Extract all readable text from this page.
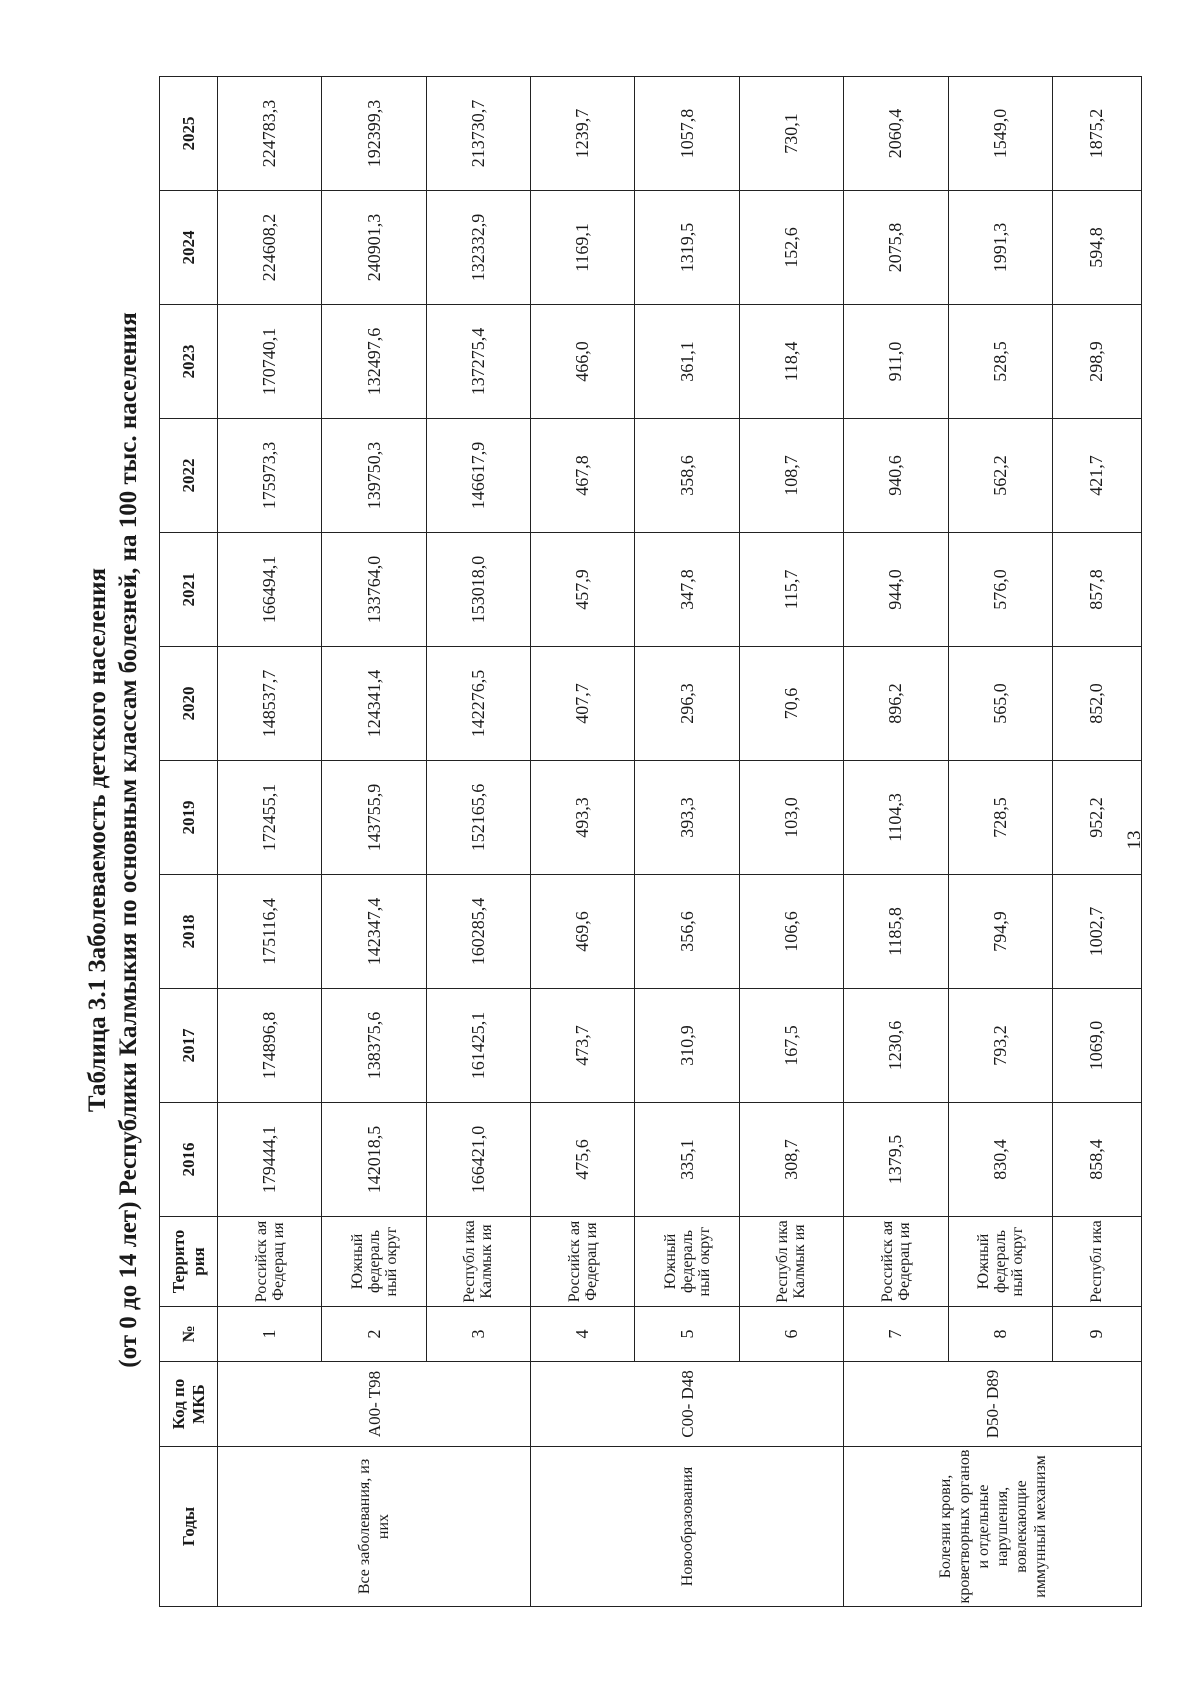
Таблица 3.1 Заболеваемость детского населения (от 0 до 14 лет) Республики Калмыкия по основным классам болезней, на 100 тыс. населения
Годы	Код по МКБ	№	Террито рия	2016	2017	2018	2019	2020	2021	2022	2023	2024	2025
Все заболевания, из них	A00- T98	1	Российск ая Федерац ия	179444,1	174896,8	175116,4	172455,1	148537,7	166494,1	175973,3	170740,1	224608,2	224783,3
		2	Южный федераль ный округ	142018,5	138375,6	142347,4	143755,9	124341,4	133764,0	139750,3	132497,6	240901,3	192399,3
		3	Республ ика Калмык ия	166421,0	161425,1	160285,4	152165,6	142276,5	153018,0	146617,9	137275,4	132332,9	213730,7
Новообразования	C00- D48	4	Российск ая Федерац ия	475,6	473,7	469,6	493,3	407,7	457,9	467,8	466,0	1169,1	1239,7
		5	Южный федераль ный округ	335,1	310,9	356,6	393,3	296,3	347,8	358,6	361,1	1319,5	1057,8
		6	Республ ика Калмык ия	308,7	167,5	106,6	103,0	70,6	115,7	108,7	118,4	152,6	730,1
Болезни крови, кроветворных органов и отдельные нарушения, вовлекающие иммунный механизм	D50- D89	7	Российск ая Федерац ия	1379,5	1230,6	1185,8	1104,3	896,2	944,0	940,6	911,0	2075,8	2060,4
		8	Южный федераль ный округ	830,4	793,2	794,9	728,5	565,0	576,0	562,2	528,5	1991,3	1549,0
		9	Республ ика	858,4	1069,0	1002,7	952,2	852,0	857,8	421,7	298,9	594,8	1875,2
13
